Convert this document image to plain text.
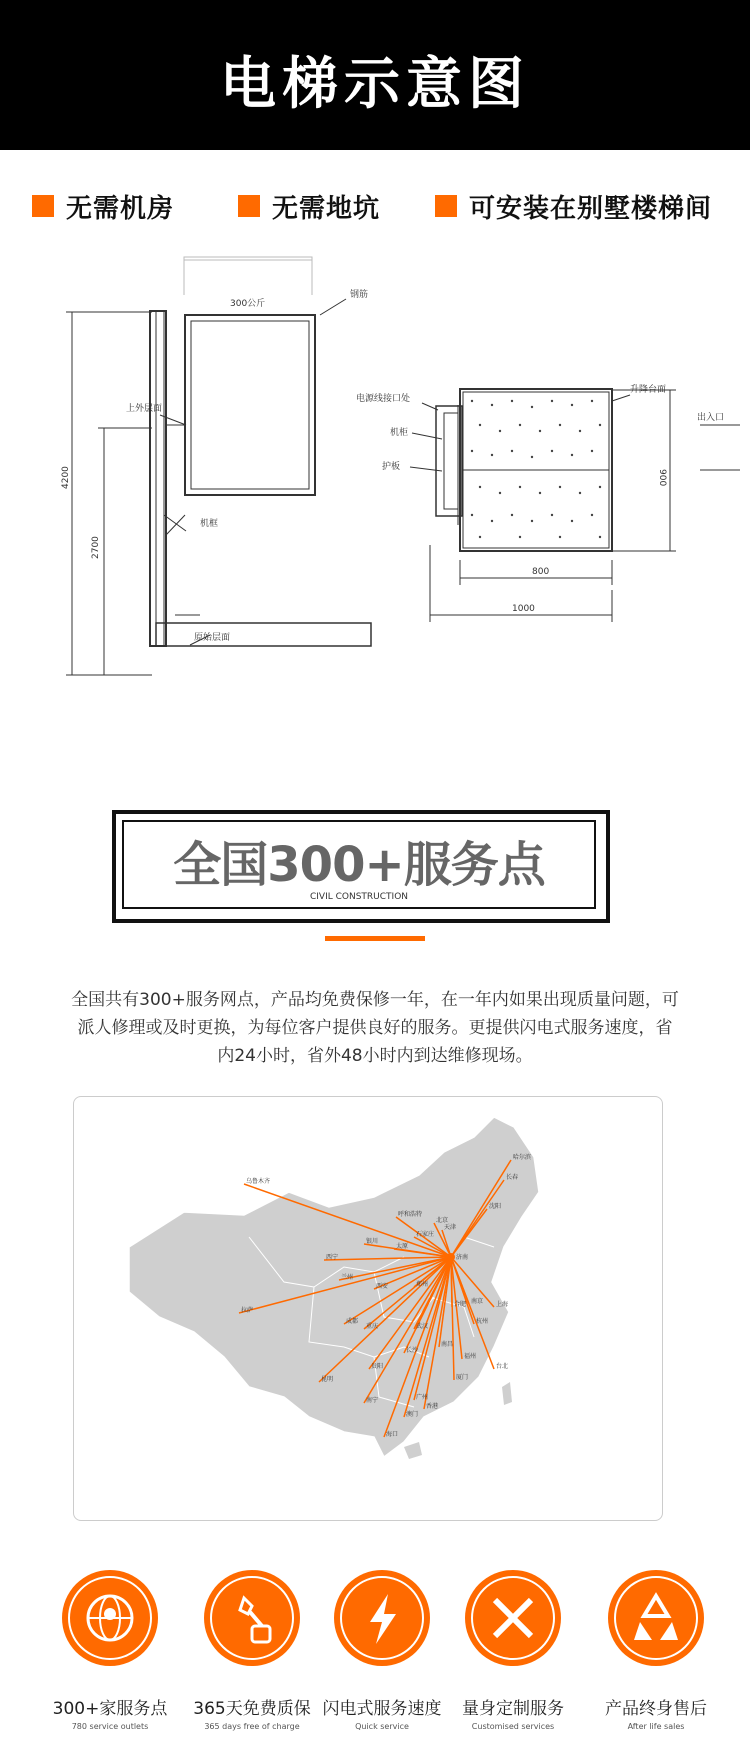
电梯示意图
无需机房	无需地坑	可安装在别墅楼梯间
300公斤
钢筋
上外层面
机框
原始层面
4200
2700
电源线接口处
机柜
护板
升降台面
出入口
900
800
1000
全国300+服务点
CIVIL CONSTRUCTION
全国共有300+服务网点，产品均免费保修一年，在一年内如果出现质量问题，可派人修理或及时更换，为每位客户提供良好的服务。更提供闪电式服务速度，省内24小时，省外48小时内到达维修现场。
哈尔滨
长春
沈阳
呼和浩特
北京
天津
石家庄
银川
太原
乌鲁木齐
西宁
兰州
西安	郑州
合肥 南京 上海
杭州
拉萨
成都
重庆	武汉
南昌
福州
台北
厦门
长沙
贵阳
昆明
南宁	广州
香港
澳门
海口
济南
300+家服务点
780 service outlets
365天免费质保
365 days free of charge
闪电式服务速度
Quick service
量身定制服务
Customised services
产品终身售后
After life sales
